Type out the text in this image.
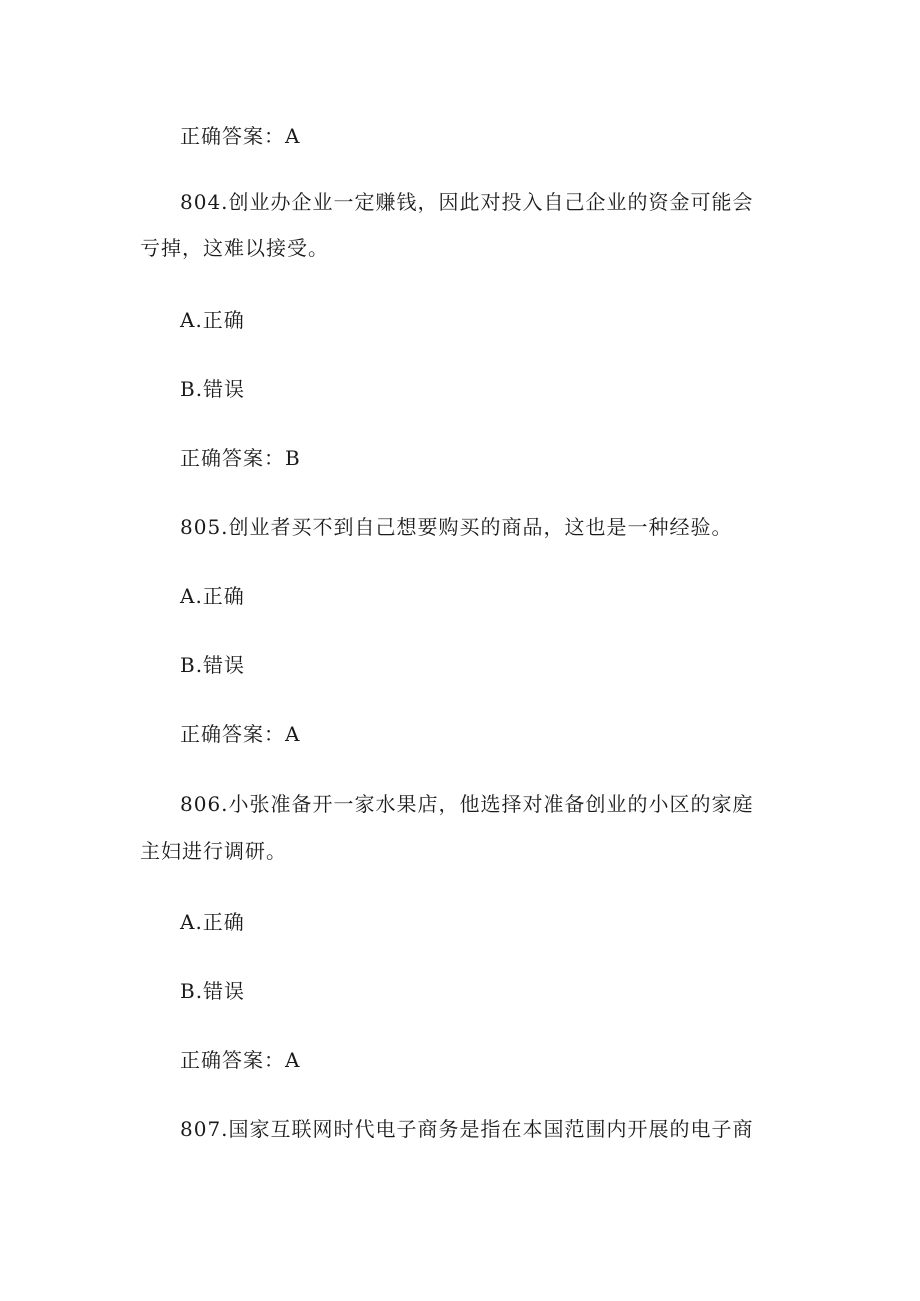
正确答案：A
804.创业办企业一定赚钱，因此对投入自己企业的资金可能会
亏掉，这难以接受。
A.正确
B.错误
正确答案：B
805.创业者买不到自己想要购买的商品，这也是一种经验。
A.正确
B.错误
正确答案：A
806.小张准备开一家水果店，他选择对准备创业的小区的家庭
主妇进行调研。
A.正确
B.错误
正确答案：A
807.国家互联网时代电子商务是指在本国范围内开展的电子商
